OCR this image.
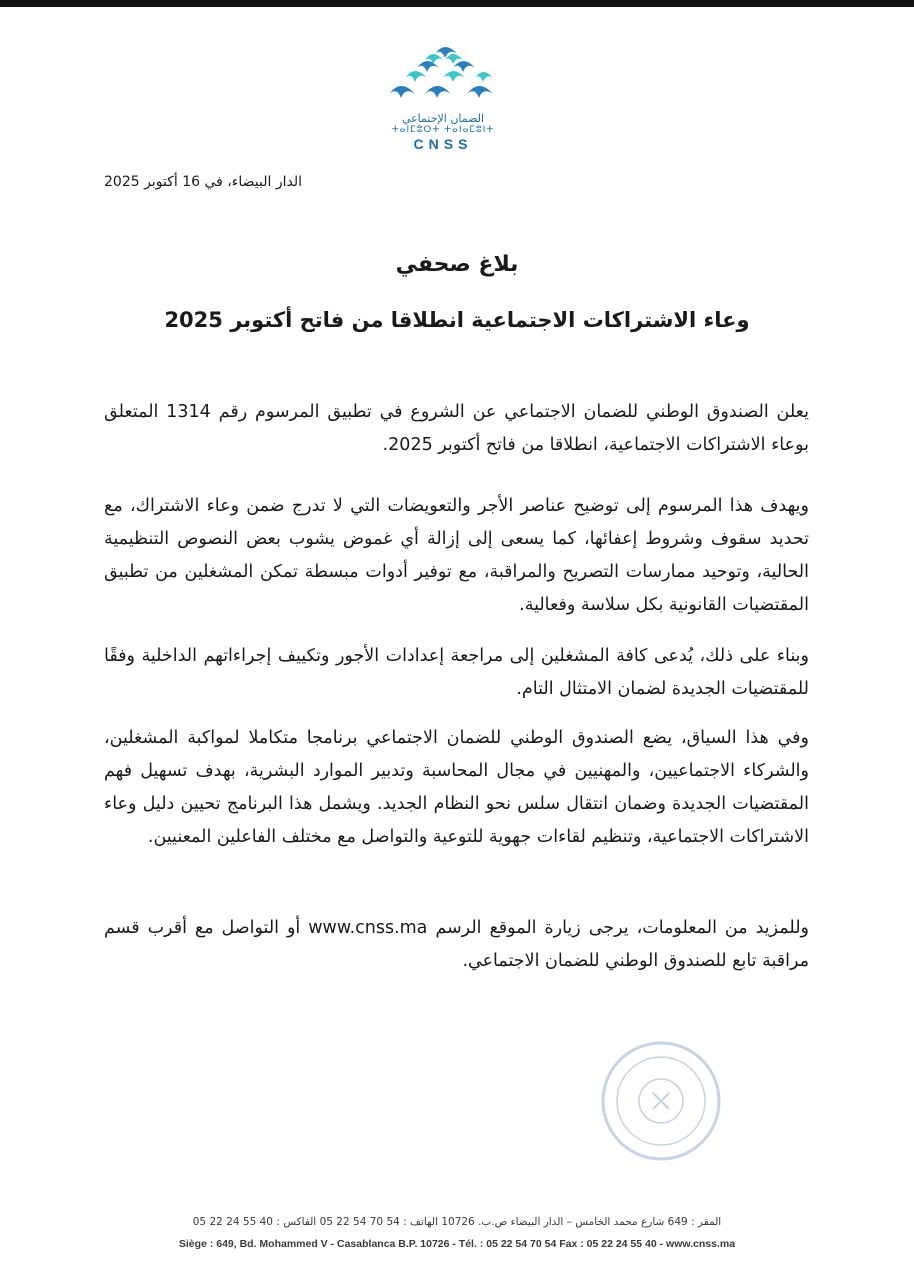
الضمان الإجتماعي
ⵜⴰⵏⵎⵓⵔⵜ ⵜⴰⵏⴰⵎⵓⵏⵜ
CNSS
الدار البيضاء، في 16 أكتوبر 2025
بلاغ صحفي
وعاء الاشتراكات الاجتماعية انطلاقا من فاتح أكتوبر 2025
يعلن الصندوق الوطني للضمان الاجتماعي عن الشروع في تطبيق المرسوم رقم 1314 المتعلق بوعاء الاشتراكات الاجتماعية، انطلاقا من فاتح أكتوبر 2025.
ويهدف هذا المرسوم إلى توضيح عناصر الأجر والتعويضات التي لا تدرج ضمن وعاء الاشتراك، مع تحديد سقوف وشروط إعفائها، كما يسعى إلى إزالة أي غموض يشوب بعض النصوص التنظيمية الحالية، وتوحيد ممارسات التصريح والمراقبة، مع توفير أدوات مبسطة تمكن المشغلين من تطبيق المقتضيات القانونية بكل سلاسة وفعالية.
وبناء على ذلك، يُدعى كافة المشغلين إلى مراجعة إعدادات الأجور وتكييف إجراءاتهم الداخلية وفقًا للمقتضيات الجديدة لضمان الامتثال التام.
وفي هذا السياق، يضع الصندوق الوطني للضمان الاجتماعي برنامجا متكاملا لمواكبة المشغلين، والشركاء الاجتماعيين، والمهنيين في مجال المحاسبة وتدبير الموارد البشرية، بهدف تسهيل فهم المقتضيات الجديدة وضمان انتقال سلس نحو النظام الجديد. ويشمل هذا البرنامج تحيين دليل وعاء الاشتراكات الاجتماعية، وتنظيم لقاءات جهوية للتوعية والتواصل مع مختلف الفاعلين المعنيين.
وللمزيد من المعلومات، يرجى زيارة الموقع الرسم www.cnss.ma أو التواصل مع أقرب قسم مراقبة تابع للصندوق الوطني للضمان الاجتماعي.
المقر : 649 شارع محمد الخامس – الدار البيضاء ص.ب. 10726 الهاتف : 54 70 54 22 05 الفاكس : 40 55 24 22 05
Siège : 649, Bd. Mohammed V - Casablanca B.P. 10726 - Tél. : 05 22 54 70 54 Fax : 05 22 24 55 40 - www.cnss.ma
